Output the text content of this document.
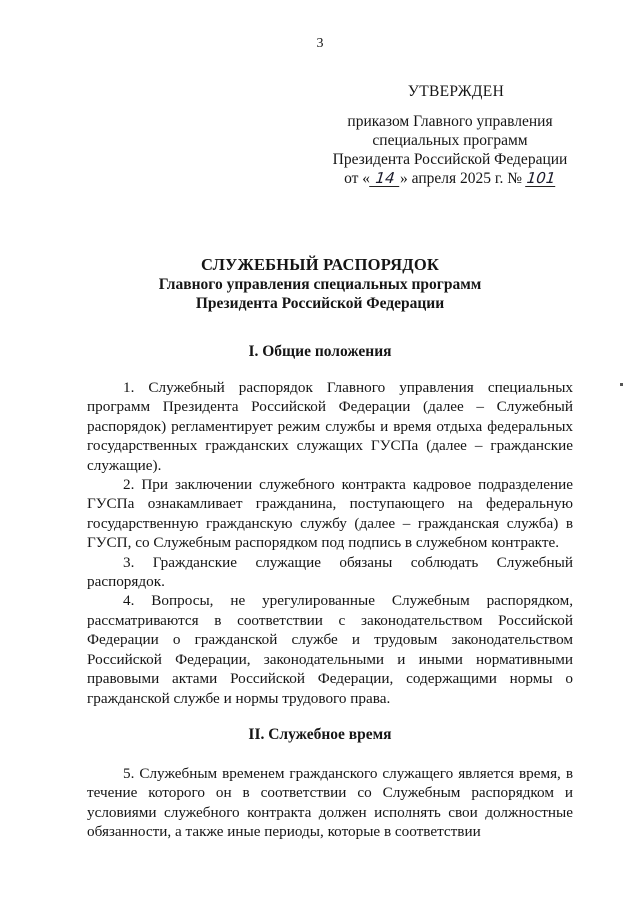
3
УТВЕРЖДЕН
приказом Главного управления
специальных программ
Президента Российской Федерации
от « 14 » апреля 2025 г. № 101
СЛУЖЕБНЫЙ РАСПОРЯДОК
Главного управления специальных программ
Президента Российской Федерации
I. Общие положения

1. Служебный распорядок Главного управления специальных программ Президента Российской Федерации (далее – Служебный распорядок) регламентирует режим службы и время отдыха федеральных государственных гражданских служащих ГУСПа (далее – гражданские служащие).

2. При заключении служебного контракта кадровое подразделение ГУСПа ознакамливает гражданина, поступающего на федеральную государственную гражданскую службу (далее – гражданская служба) в ГУСП, со Служебным распорядком под подпись в служебном контракте.

3. Гражданские служащие обязаны соблюдать Служебный распорядок.

4. Вопросы, не урегулированные Служебным распорядком, рассматриваются в соответствии с законодательством Российской Федерации о гражданской службе и трудовым законодательством Российской Федерации, законодательными и иными нормативными правовыми актами Российской Федерации, содержащими нормы о гражданской службе и нормы трудового права.

II. Служебное время

5. Служебным временем гражданского служащего является время, в течение которого он в соответствии со Служебным распорядком и условиями служебного контракта должен исполнять свои должностные обязанности, а также иные периоды, которые в соответствии
